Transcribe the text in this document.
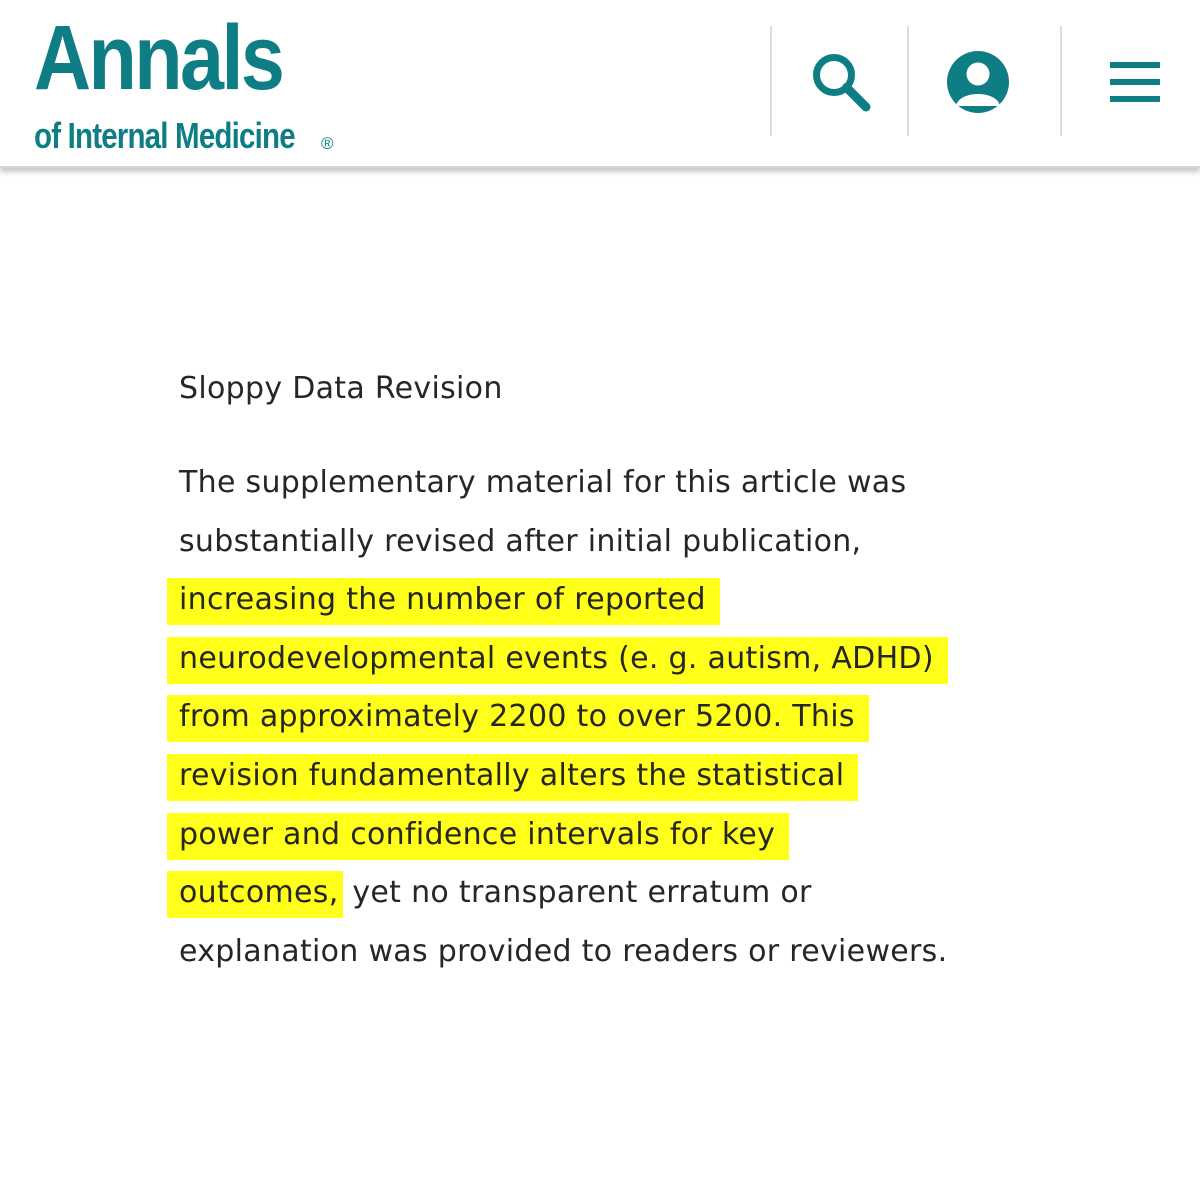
Annals
of Internal Medicine ®
Sloppy Data Revision
The supplementary material for this article was
substantially revised after initial publication,
increasing the number of reported
neurodevelopmental events (e. g. autism, ADHD)
from approximately 2200 to over 5200. This
revision fundamentally alters the statistical
power and confidence intervals for key
outcomes, yet no transparent erratum or
explanation was provided to readers or reviewers.
